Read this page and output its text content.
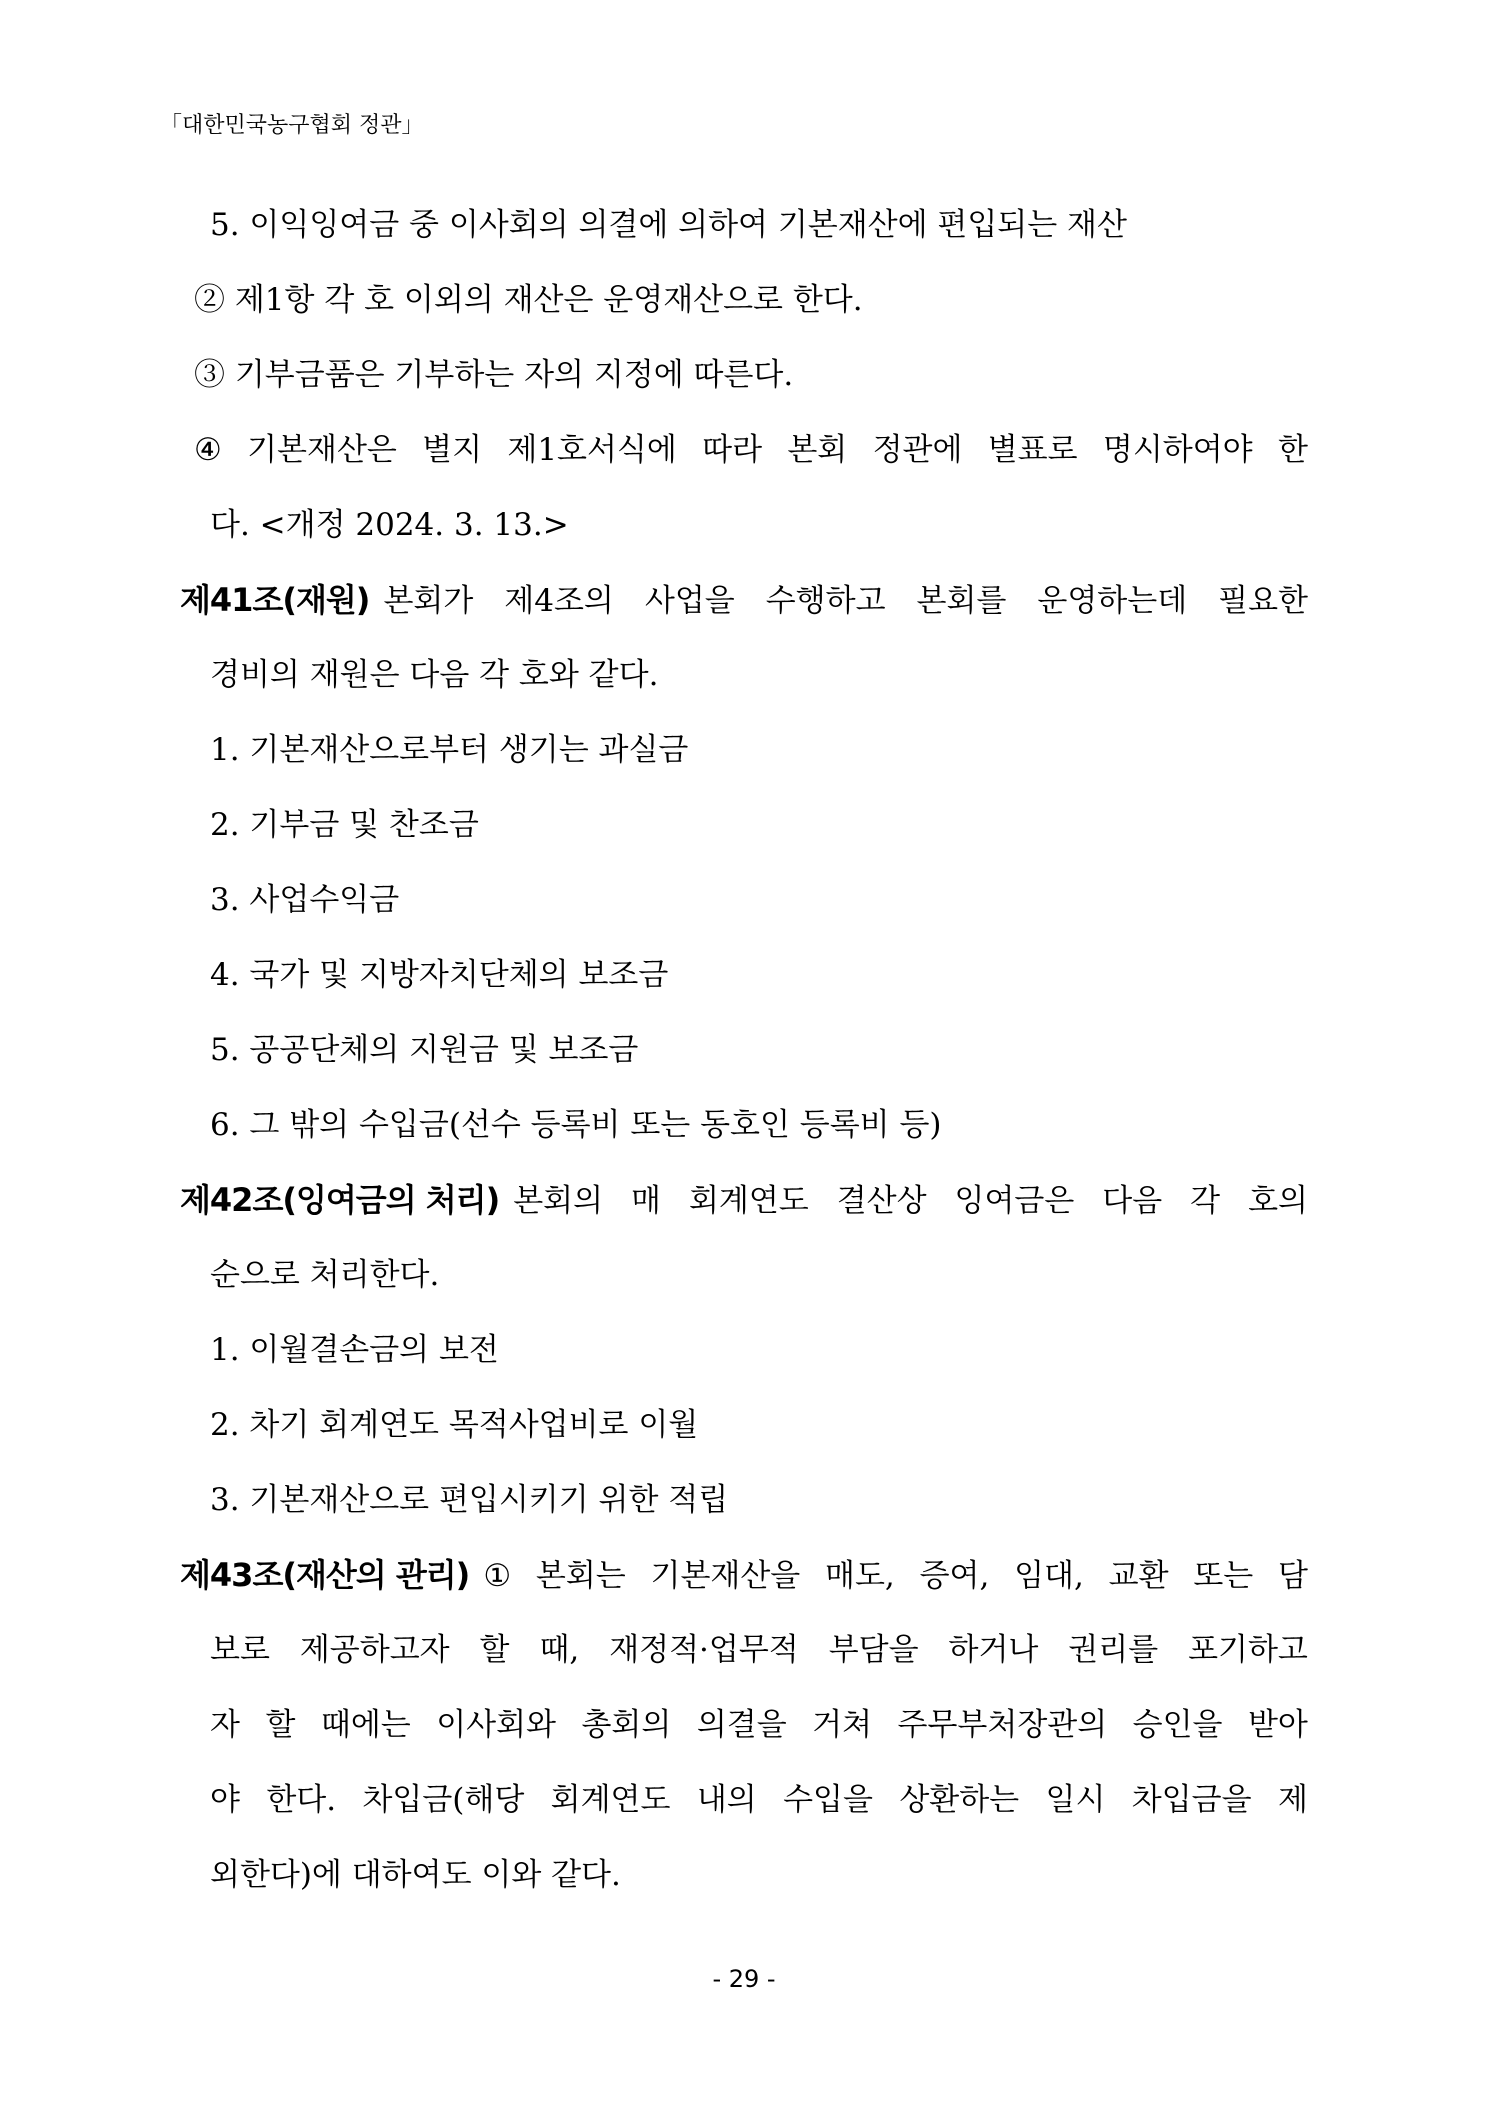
「대한민국농구협회 정관」
5. 이익잉여금 중 이사회의 의결에 의하여 기본재산에 편입되는 재산
② 제1항 각 호 이외의 재산은 운영재산으로 한다.
③ 기부금품은 기부하는 자의 지정에 따른다.
④ 기본재산은 별지 제1호서식에 따라 본회 정관에 별표로 명시하여야 한
다. <개정 2024. 3. 13.>
제41조(재원) 본회가 제4조의 사업을 수행하고 본회를 운영하는데 필요한
경비의 재원은 다음 각 호와 같다.
1. 기본재산으로부터 생기는 과실금
2. 기부금 및 찬조금
3. 사업수익금
4. 국가 및 지방자치단체의 보조금
5. 공공단체의 지원금 및 보조금
6. 그 밖의 수입금(선수 등록비 또는 동호인 등록비 등)
제42조(잉여금의 처리) 본회의 매 회계연도 결산상 잉여금은 다음 각 호의
순으로 처리한다.
1. 이월결손금의 보전
2. 차기 회계연도 목적사업비로 이월
3. 기본재산으로 편입시키기 위한 적립
제43조(재산의 관리) ① 본회는 기본재산을 매도, 증여, 임대, 교환 또는 담
보로 제공하고자 할 때, 재정적·업무적 부담을 하거나 권리를 포기하고
자 할 때에는 이사회와 총회의 의결을 거쳐 주무부처장관의 승인을 받아
야 한다. 차입금(해당 회계연도 내의 수입을 상환하는 일시 차입금을 제
외한다)에 대하여도 이와 같다.
- 29 -
